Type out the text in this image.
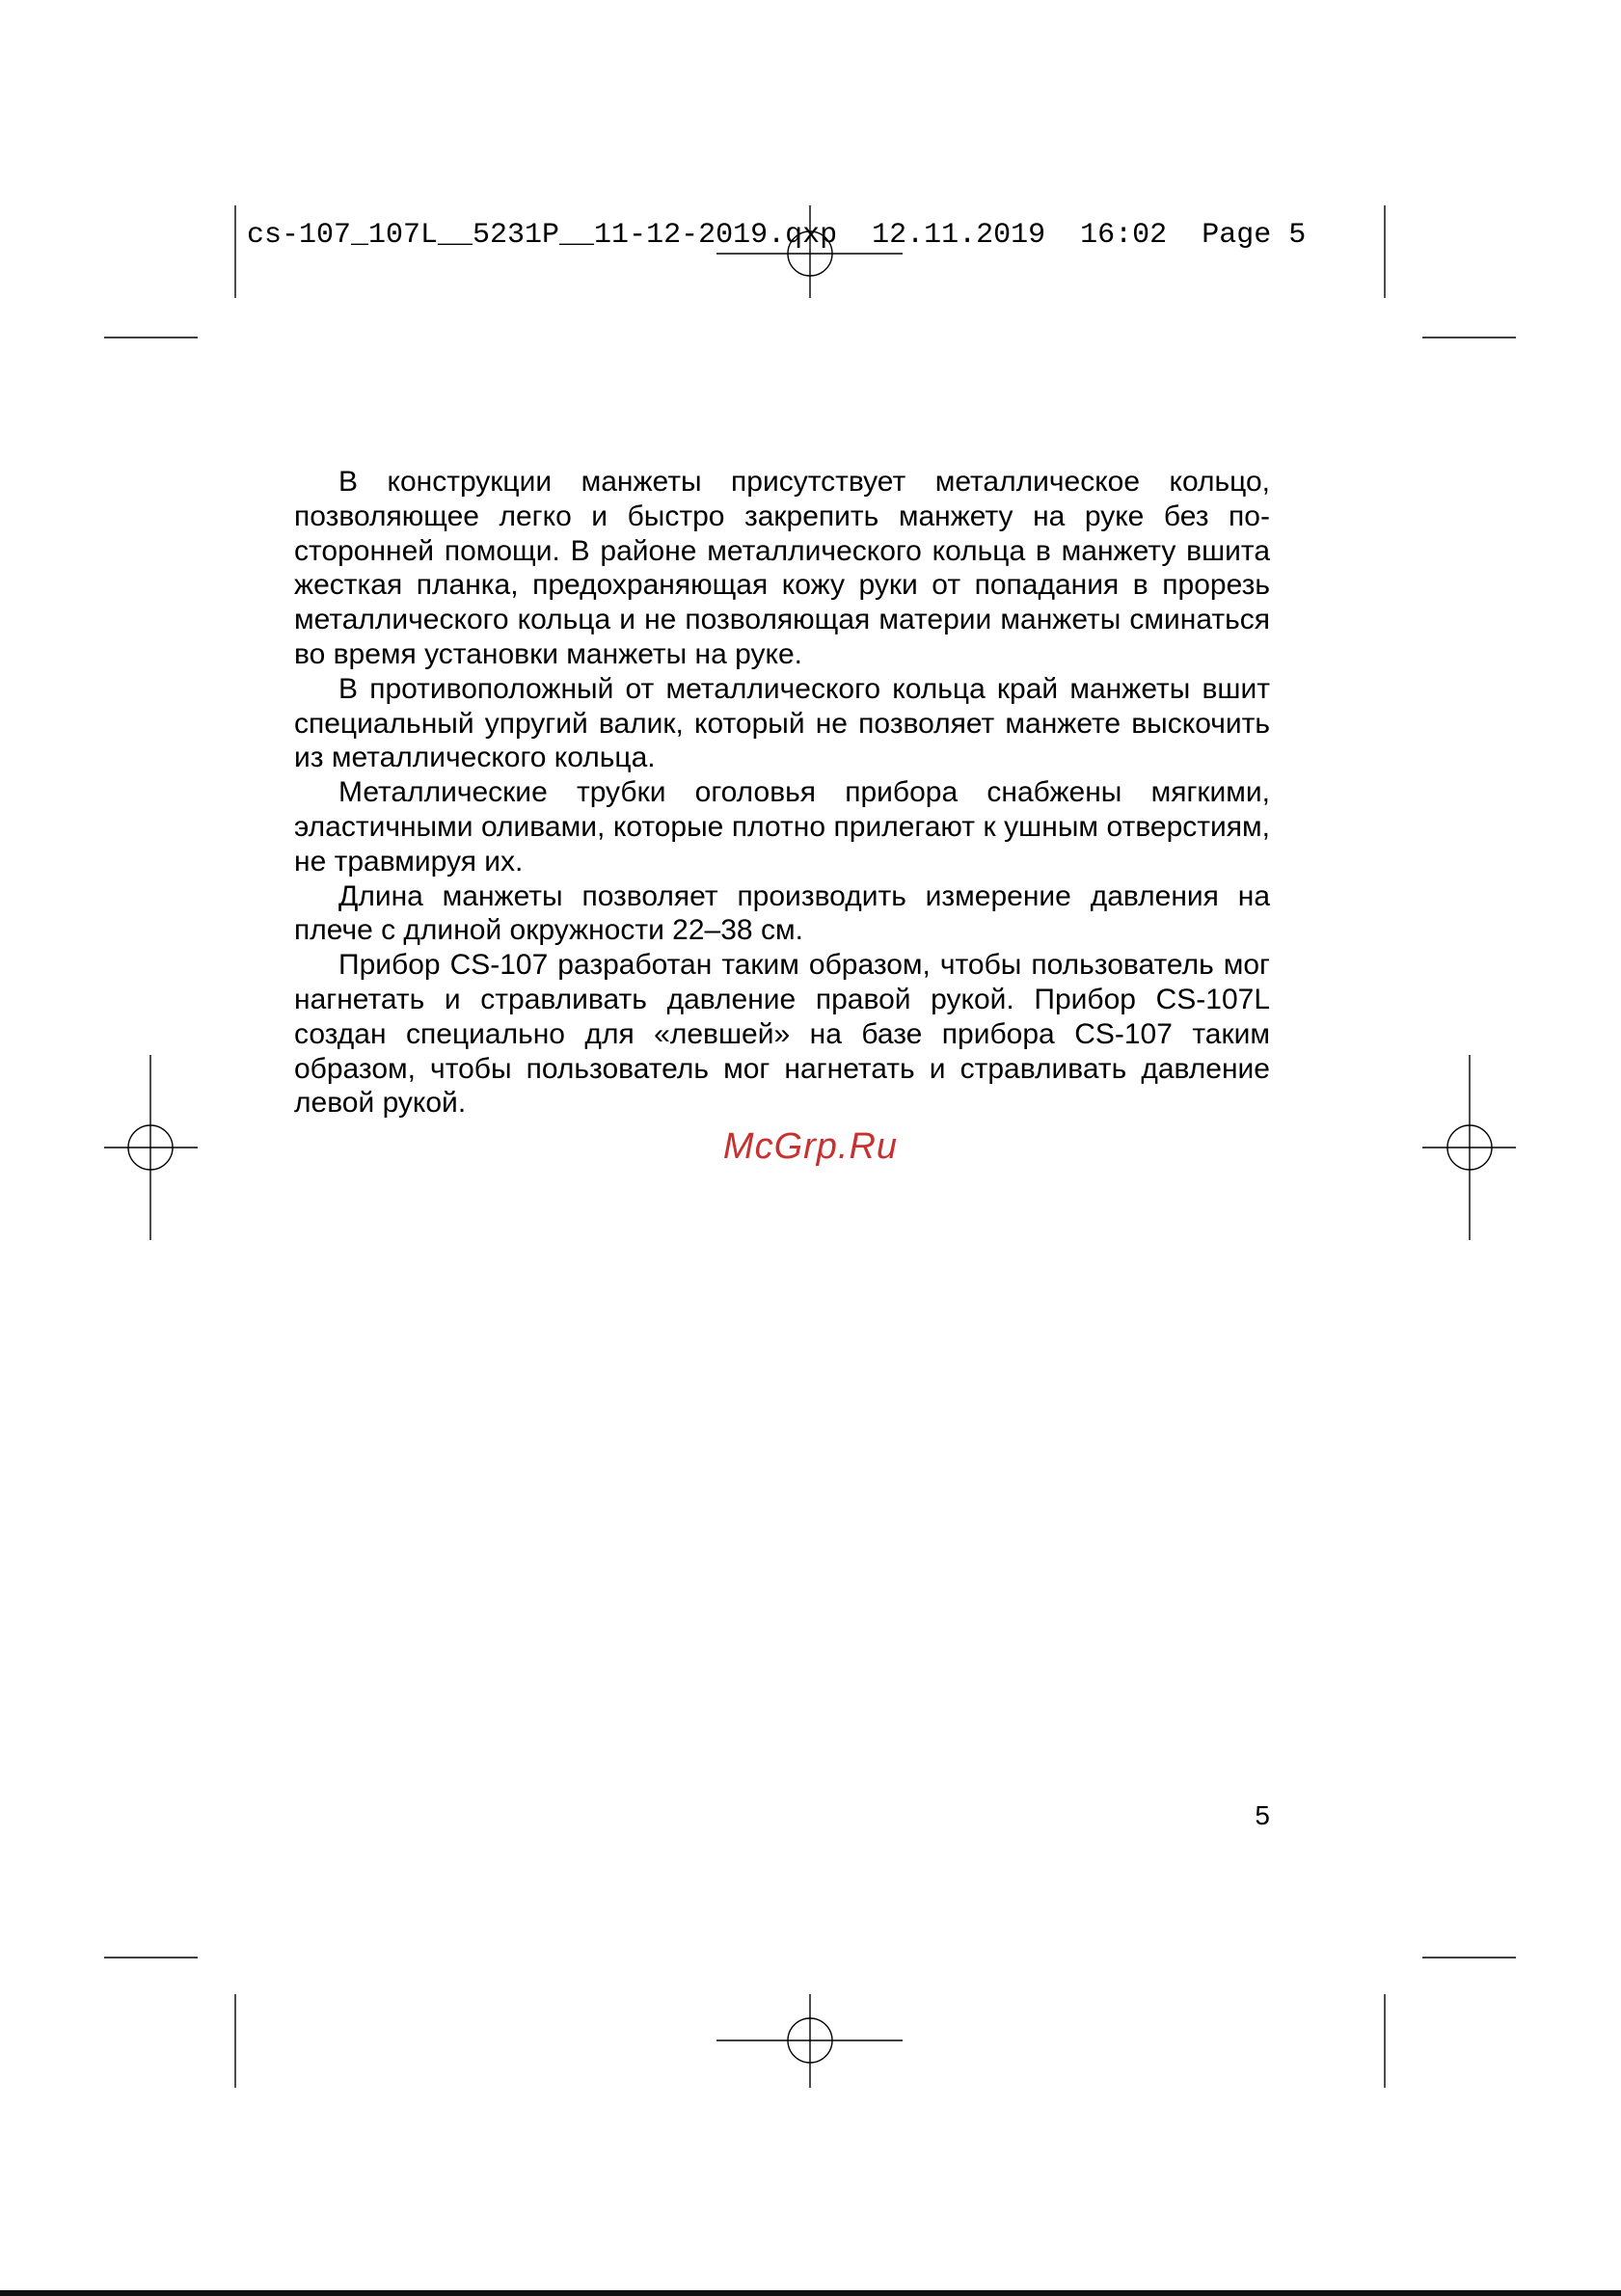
cs-107_107L__5231P__11-12-2019.qxp 12.11.2019 16:02 Page 5

В конструкции манжеты присутствует металлическое кольцо, позволяющее легко и быстро закрепить манжету на руке без посторонней помощи. В районе металлического кольца в манжету вшита жесткая планка, предохраняющая кожу руки от попадания в прорезь металлического кольца и не позволяющая материи манжеты сминаться во время установки манжеты на руке.

В противоположный от металлического кольца край манжеты вшит специальный упругий валик, который не позволяет манжете выскочить из металлического кольца.

Металлические трубки оголовья прибора снабжены мягкими, эластичными оливами, которые плотно прилегают к ушным отверстиям, не травмируя их.

Длина манжеты позволяет производить измерение давления на плече с длиной окружности 22–38 см.

Прибор CS-107 разработан таким образом, чтобы пользователь мог нагнетать и стравливать давление правой рукой. Прибор CS-107L создан специально для «левшей» на базе прибора CS-107 таким образом, чтобы пользователь мог нагнетать и стравливать давление левой рукой.

McGrp.Ru
5
